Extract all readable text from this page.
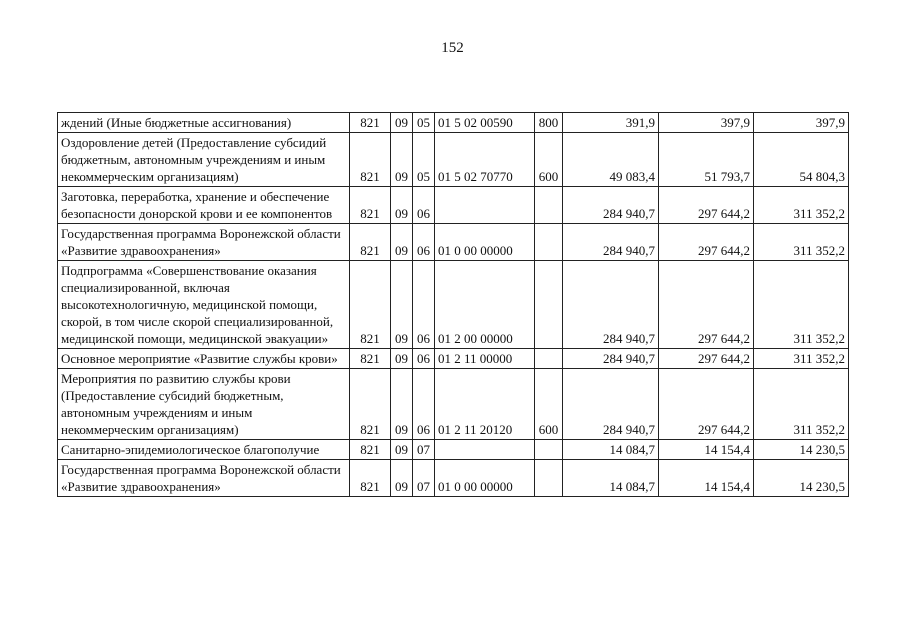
152
ждений (Иные бюджетные ассигнования)	821	09	05	01 5 02 00590	800	391,9	397,9	397,9
Оздоровление детей (Предоставление субсидий бюджетным, автономным учреждениям и иным некоммерческим организациям)	821	09	05	01 5 02 70770	600	49 083,4	51 793,7	54 804,3
Заготовка, переработка, хранение и обеспечение безопасности донорской крови и ее компонентов	821	09	06			284 940,7	297 644,2	311 352,2
Государственная программа Воронежской области «Развитие здравоохранения»	821	09	06	01 0 00 00000		284 940,7	297 644,2	311 352,2
Подпрограмма «Совершенствование оказания специализированной, включая высокотехнологичную, медицинской помощи, скорой, в том числе скорой специализированной, медицинской помощи, медицинской эвакуации»	821	09	06	01 2 00 00000		284 940,7	297 644,2	311 352,2
Основное мероприятие «Развитие службы крови»	821	09	06	01 2 11 00000		284 940,7	297 644,2	311 352,2
Мероприятия по развитию службы крови (Предоставление субсидий бюджетным, автономным учреждениям и иным некоммерческим организациям)	821	09	06	01 2 11 20120	600	284 940,7	297 644,2	311 352,2
Санитарно-эпидемиологическое благополучие	821	09	07			14 084,7	14 154,4	14 230,5
Государственная программа Воронежской области «Развитие здравоохранения»	821	09	07	01 0 00 00000		14 084,7	14 154,4	14 230,5
